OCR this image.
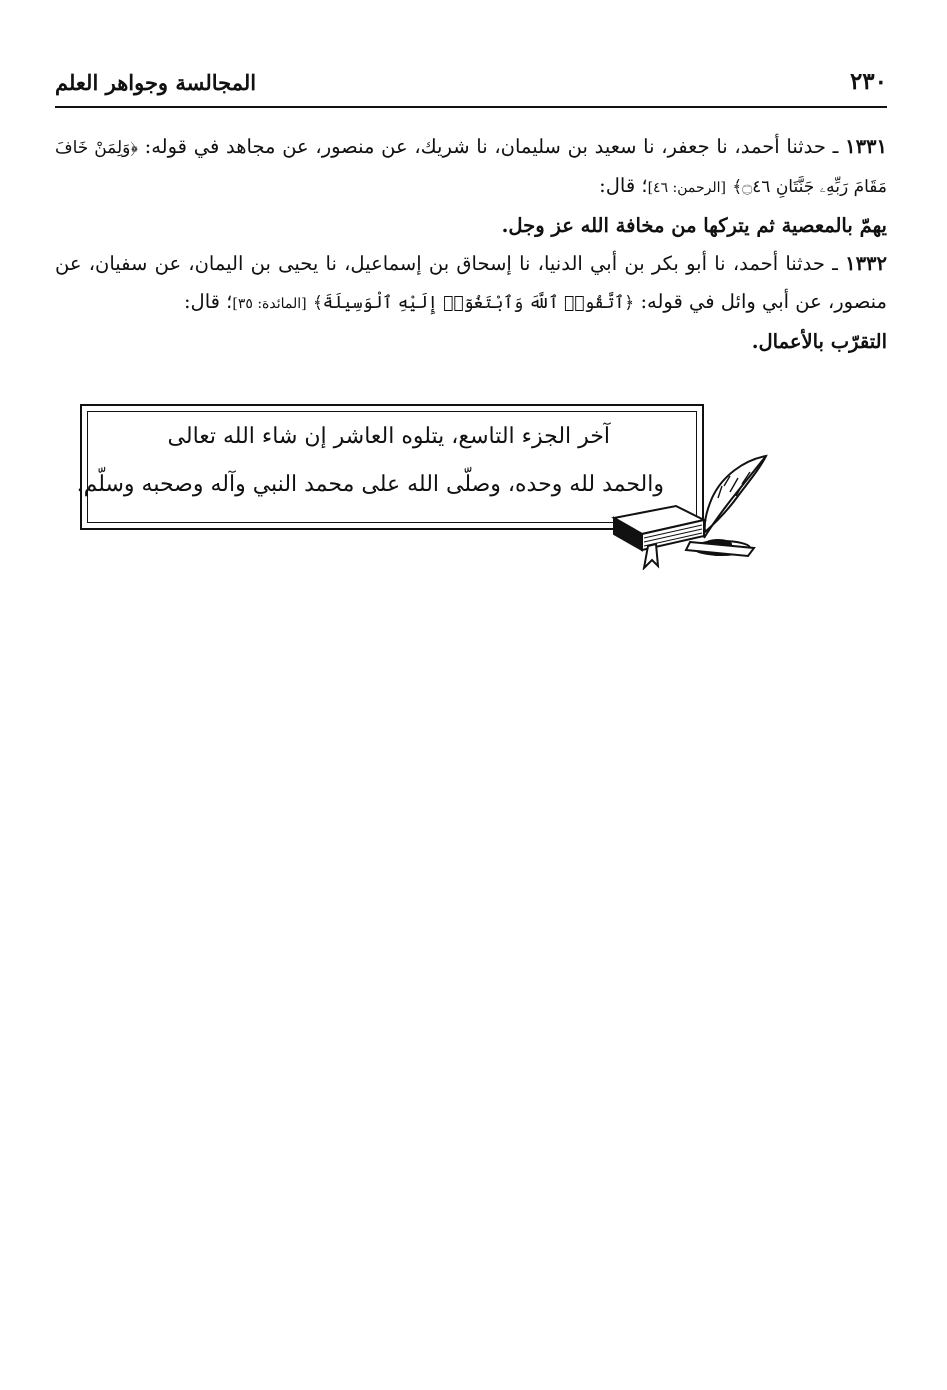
المجالسة وجواهر العلم	٢٣٠

١٣٣١ ـ حدثنا أحمد، نا جعفر، نا سعيد بن سليمان، نا شريك، عن منصور، عن مجاهد في قوله: ﴿وَلِمَنْ خَافَ مَقَامَ رَبِّهِۦ جَنَّتَانِ ۝٤٦﴾ [الرحمن: ٤٦]؛ قال:

يهمّ بالمعصية ثم يتركها من مخافة الله عز وجل.

١٣٣٢ ـ حدثنا أحمد، نا أبو بكر بن أبي الدنيا، نا إسحاق بن إسماعيل، نا يحيى بن اليمان، عن سفيان، عن منصور، عن أبي وائل في قوله: ﴿ٱتَّقُوا۟ ٱللَّهَ وَٱبْتَغُوٓا۟ إِلَيْهِ ٱلْوَسِيلَةَ﴾ [المائدة: ٣٥]؛ قال:

التقرّب بالأعمال.

آخر الجزء التاسع، يتلوه العاشر إن شاء الله تعالى
والحمد لله وحده، وصلّى الله على محمد النبي وآله وصحبه وسلّم.
